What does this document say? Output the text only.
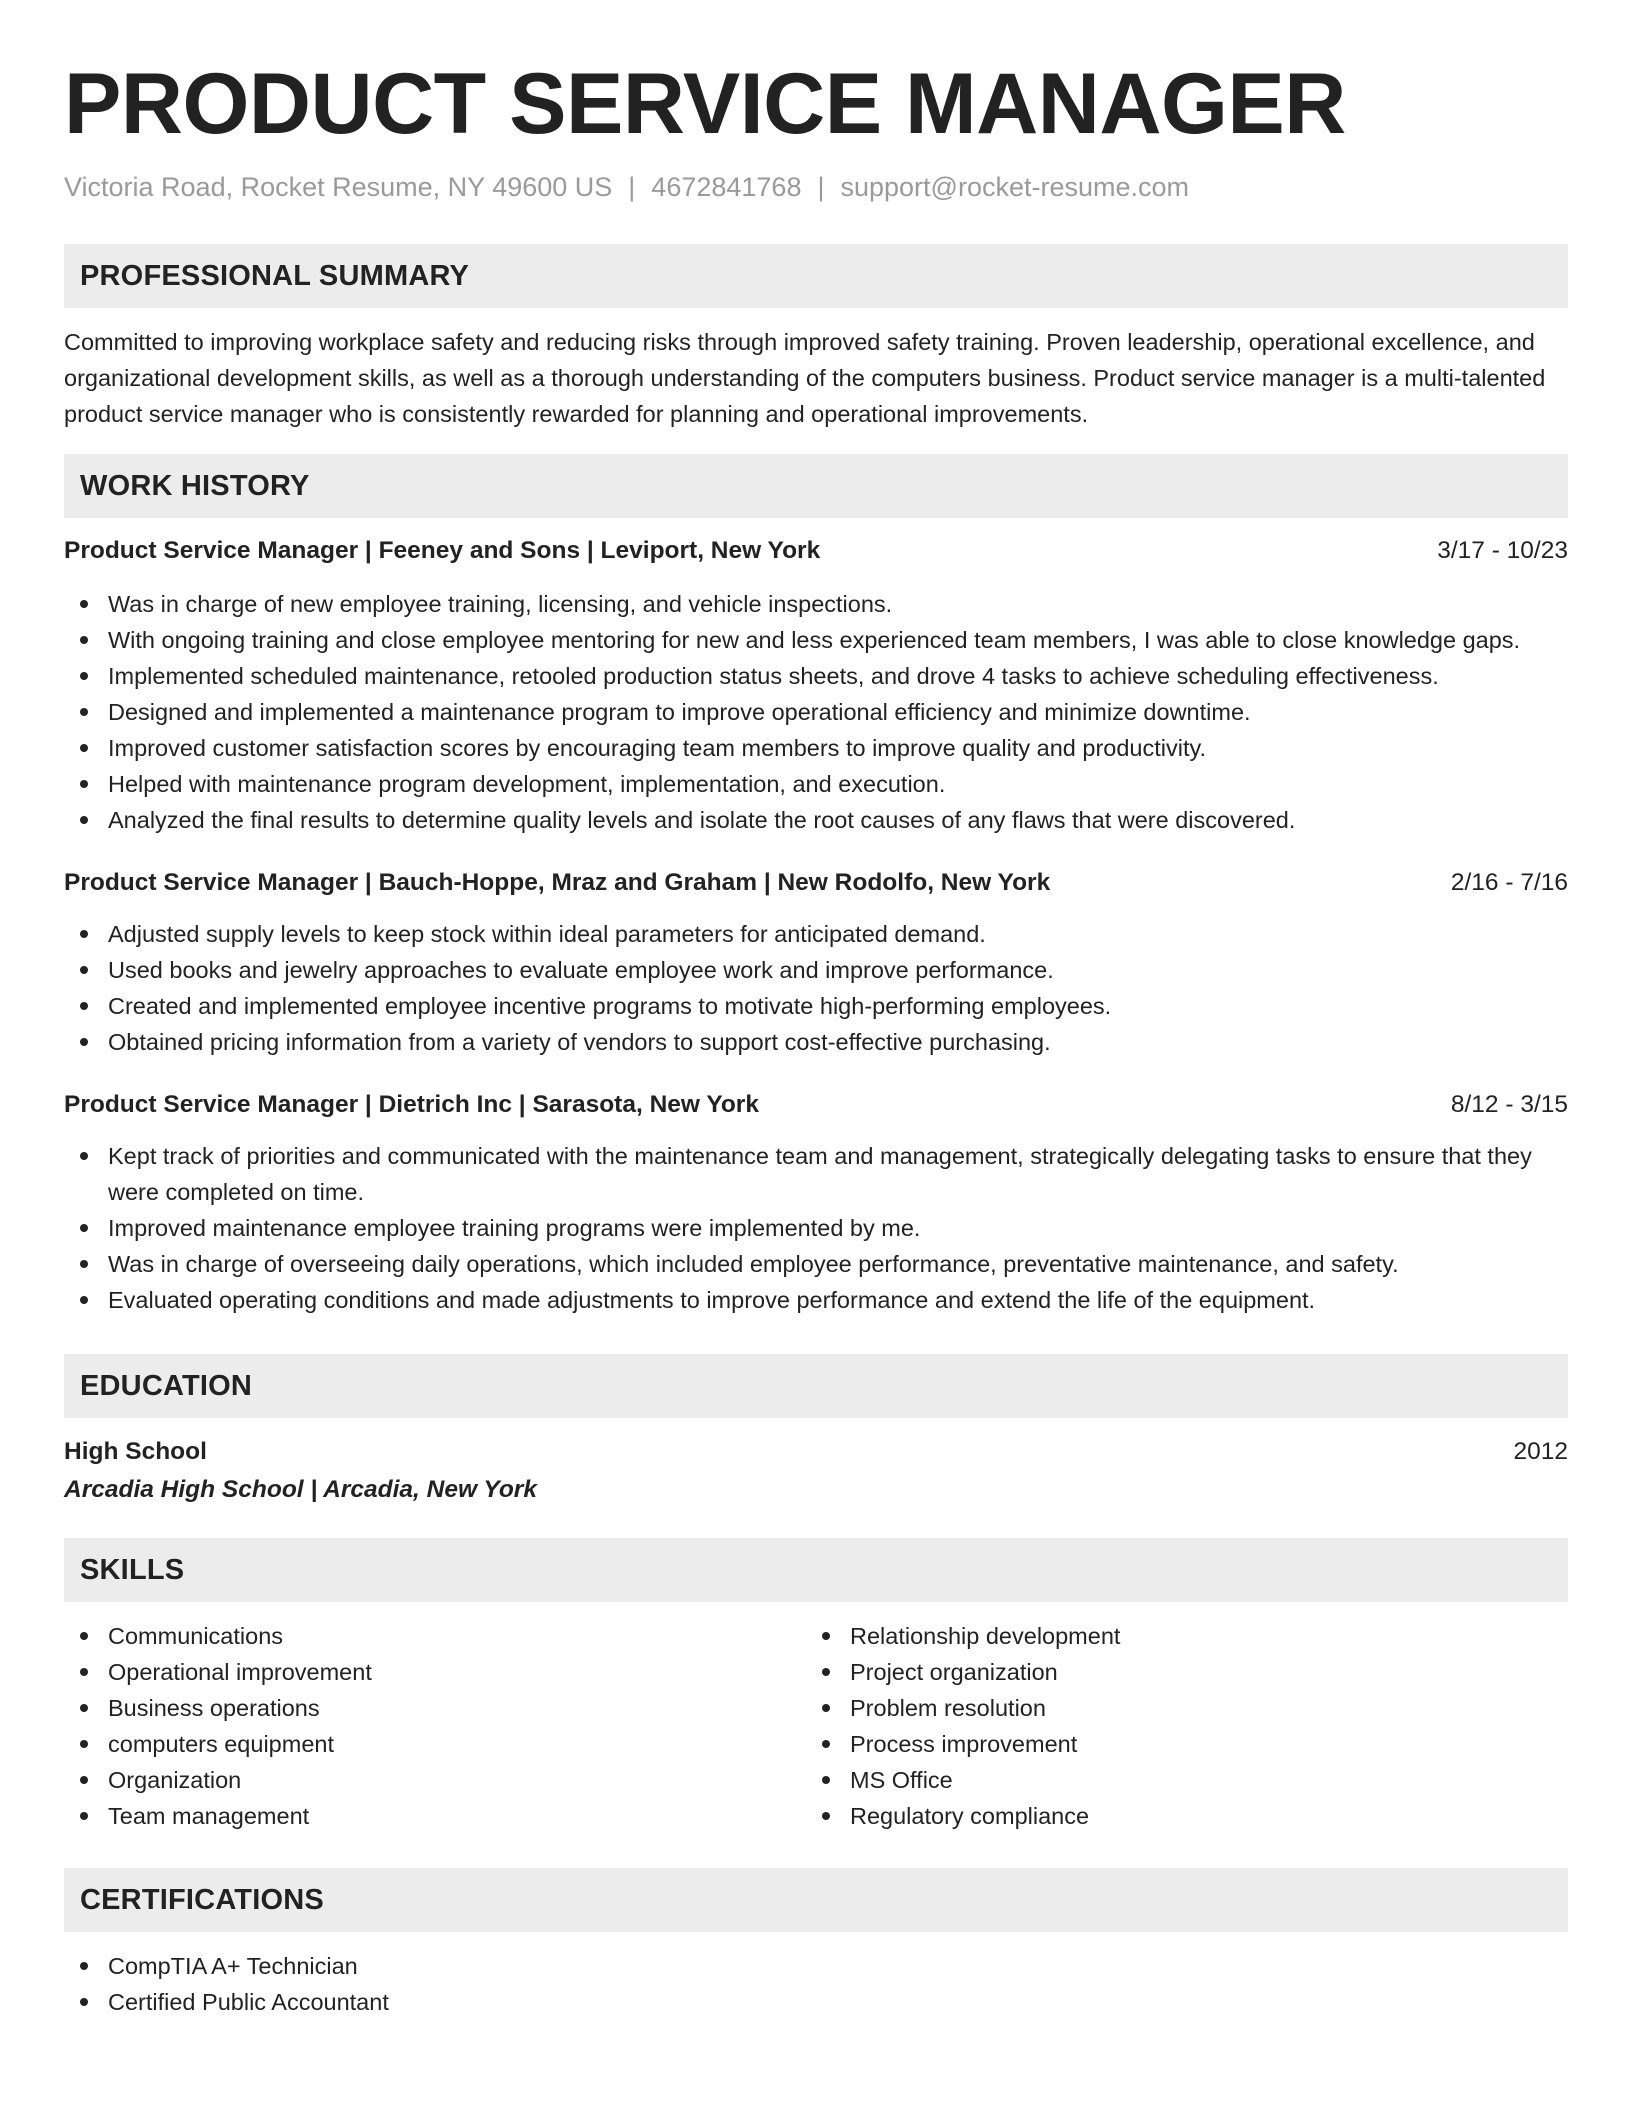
PRODUCT SERVICE MANAGER
Victoria Road, Rocket Resume, NY 49600 US | 4672841768 | support@rocket-resume.com
PROFESSIONAL SUMMARY

Committed to improving workplace safety and reducing risks through improved safety training. Proven leadership, operational excellence, and organizational development skills, as well as a thorough understanding of the computers business. Product service manager is a multi-talented product service manager who is consistently rewarded for planning and operational improvements.

WORK HISTORY
Product Service Manager | Feeney and Sons | Leviport, New York	3/17 - 10/23
Was in charge of new employee training, licensing, and vehicle inspections.
With ongoing training and close employee mentoring for new and less experienced team members, I was able to close knowledge gaps.
Implemented scheduled maintenance, retooled production status sheets, and drove 4 tasks to achieve scheduling effectiveness.
Designed and implemented a maintenance program to improve operational efficiency and minimize downtime.
Improved customer satisfaction scores by encouraging team members to improve quality and productivity.
Helped with maintenance program development, implementation, and execution.
Analyzed the final results to determine quality levels and isolate the root causes of any flaws that were discovered.
Product Service Manager | Bauch-Hoppe, Mraz and Graham | New Rodolfo, New York	2/16 - 7/16
Adjusted supply levels to keep stock within ideal parameters for anticipated demand.
Used books and jewelry approaches to evaluate employee work and improve performance.
Created and implemented employee incentive programs to motivate high-performing employees.
Obtained pricing information from a variety of vendors to support cost-effective purchasing.
Product Service Manager | Dietrich Inc | Sarasota, New York	8/12 - 3/15
Kept track of priorities and communicated with the maintenance team and management, strategically delegating tasks to ensure that they were completed on time.
Improved maintenance employee training programs were implemented by me.
Was in charge of overseeing daily operations, which included employee performance, preventative maintenance, and safety.
Evaluated operating conditions and made adjustments to improve performance and extend the life of the equipment.
EDUCATION
High School	2012
Arcadia High School | Arcadia, New York
SKILLS
Communications
Operational improvement
Business operations
computers equipment
Organization
Team management
Relationship development
Project organization
Problem resolution
Process improvement
MS Office
Regulatory compliance
CERTIFICATIONS
CompTIA A+ Technician
Certified Public Accountant
